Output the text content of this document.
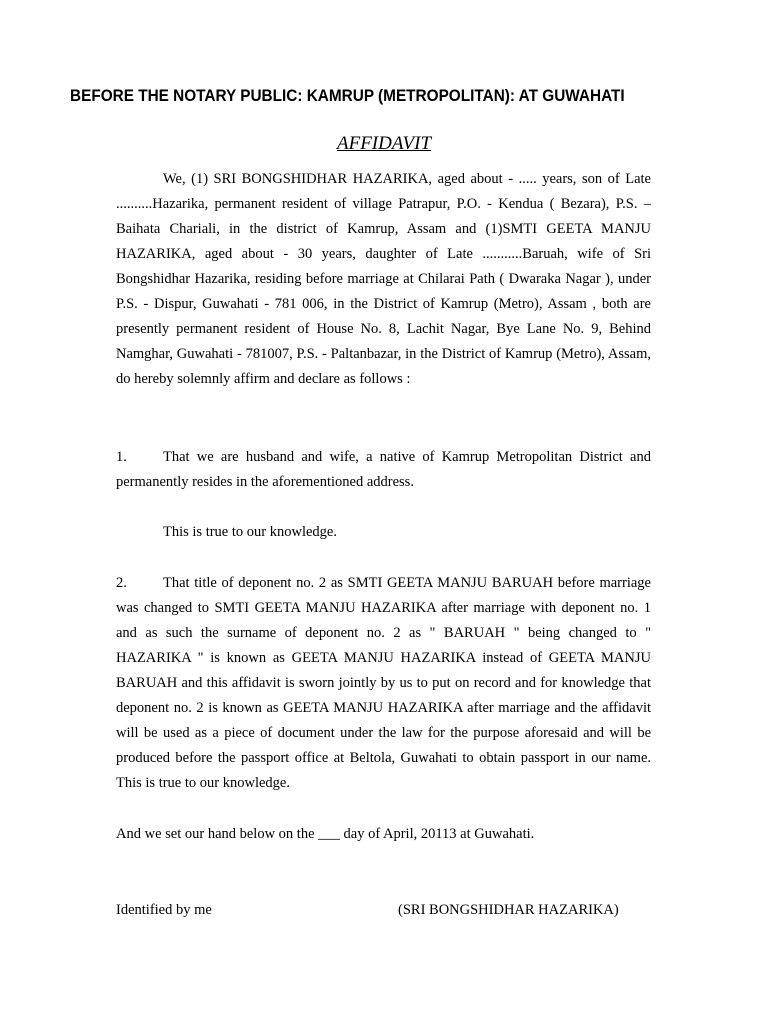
BEFORE THE NOTARY PUBLIC: KAMRUP (METROPOLITAN): AT GUWAHATI
AFFIDAVIT
We, (1) SRI BONGSHIDHAR HAZARIKA, aged about - ..... years, son of Late ..........Hazarika, permanent resident of village Patrapur, P.O. - Kendua ( Bezara), P.S. – Baihata Chariali, in the district of Kamrup, Assam and (1)SMTI GEETA MANJU HAZARIKA, aged about - 30 years, daughter of Late ...........Baruah, wife of Sri Bongshidhar Hazarika, residing before marriage at Chilarai Path ( Dwaraka Nagar ), under P.S. - Dispur, Guwahati - 781 006, in the District of Kamrup (Metro), Assam , both are presently permanent resident of House No. 8, Lachit Nagar, Bye Lane No. 9, Behind Namghar, Guwahati - 781007, P.S. - Paltanbazar, in the District of Kamrup (Metro), Assam, do hereby solemnly affirm and declare as follows :
1. That we are husband and wife, a native of Kamrup Metropolitan District and permanently resides in the aforementioned address.
This is true to our knowledge.
2. That title of deponent no. 2 as SMTI GEETA MANJU BARUAH before marriage was changed to SMTI GEETA MANJU HAZARIKA after marriage with deponent no. 1 and as such the surname of deponent no. 2 as " BARUAH " being changed to " HAZARIKA " is known as GEETA MANJU HAZARIKA instead of GEETA MANJU BARUAH and this affidavit is sworn jointly by us to put on record and for knowledge that deponent no. 2 is known as GEETA MANJU HAZARIKA after marriage and the affidavit will be used as a piece of document under the law for the purpose aforesaid and will be produced before the passport office at Beltola, Guwahati to obtain passport in our name. This is true to our knowledge.
And we set our hand below on the ___ day of April, 20113 at Guwahati.
Identified by me	(SRI BONGSHIDHAR HAZARIKA)
